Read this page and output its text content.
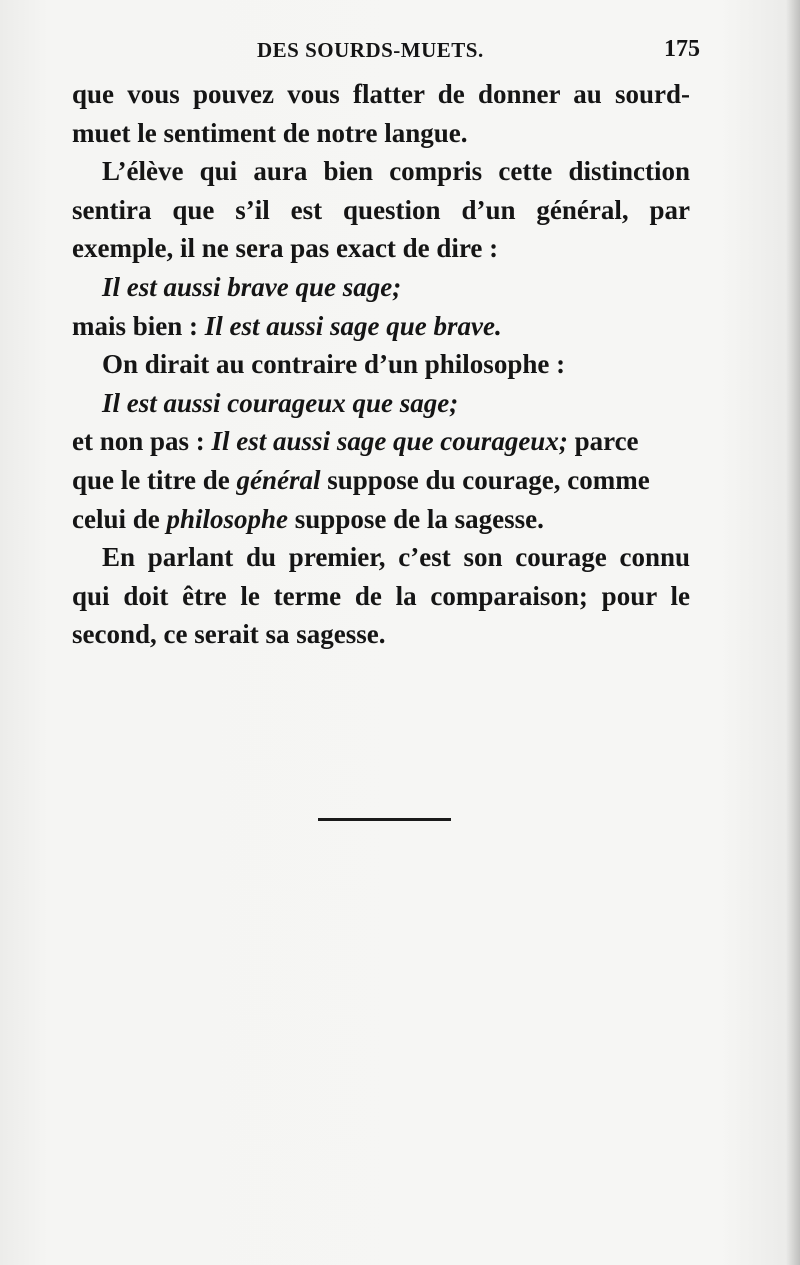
DES SOURDS-MUETS.	175
que vous pouvez vous flatter de donner au sourd-
muet le sentiment de notre langue.
L’élève qui aura bien compris cette distinction
sentira que s’il est question d’un général, par
exemple, il ne sera pas exact de dire :
Il est aussi brave que sage;
mais bien : Il est aussi sage que brave.
On dirait au contraire d’un philosophe :
Il est aussi courageux que sage;
et non pas : Il est aussi sage que courageux; parce
que le titre de général suppose du courage, comme
celui de philosophe suppose de la sagesse.
En parlant du premier, c’est son courage connu
qui doit être le terme de la comparaison; pour le
second, ce serait sa sagesse.
